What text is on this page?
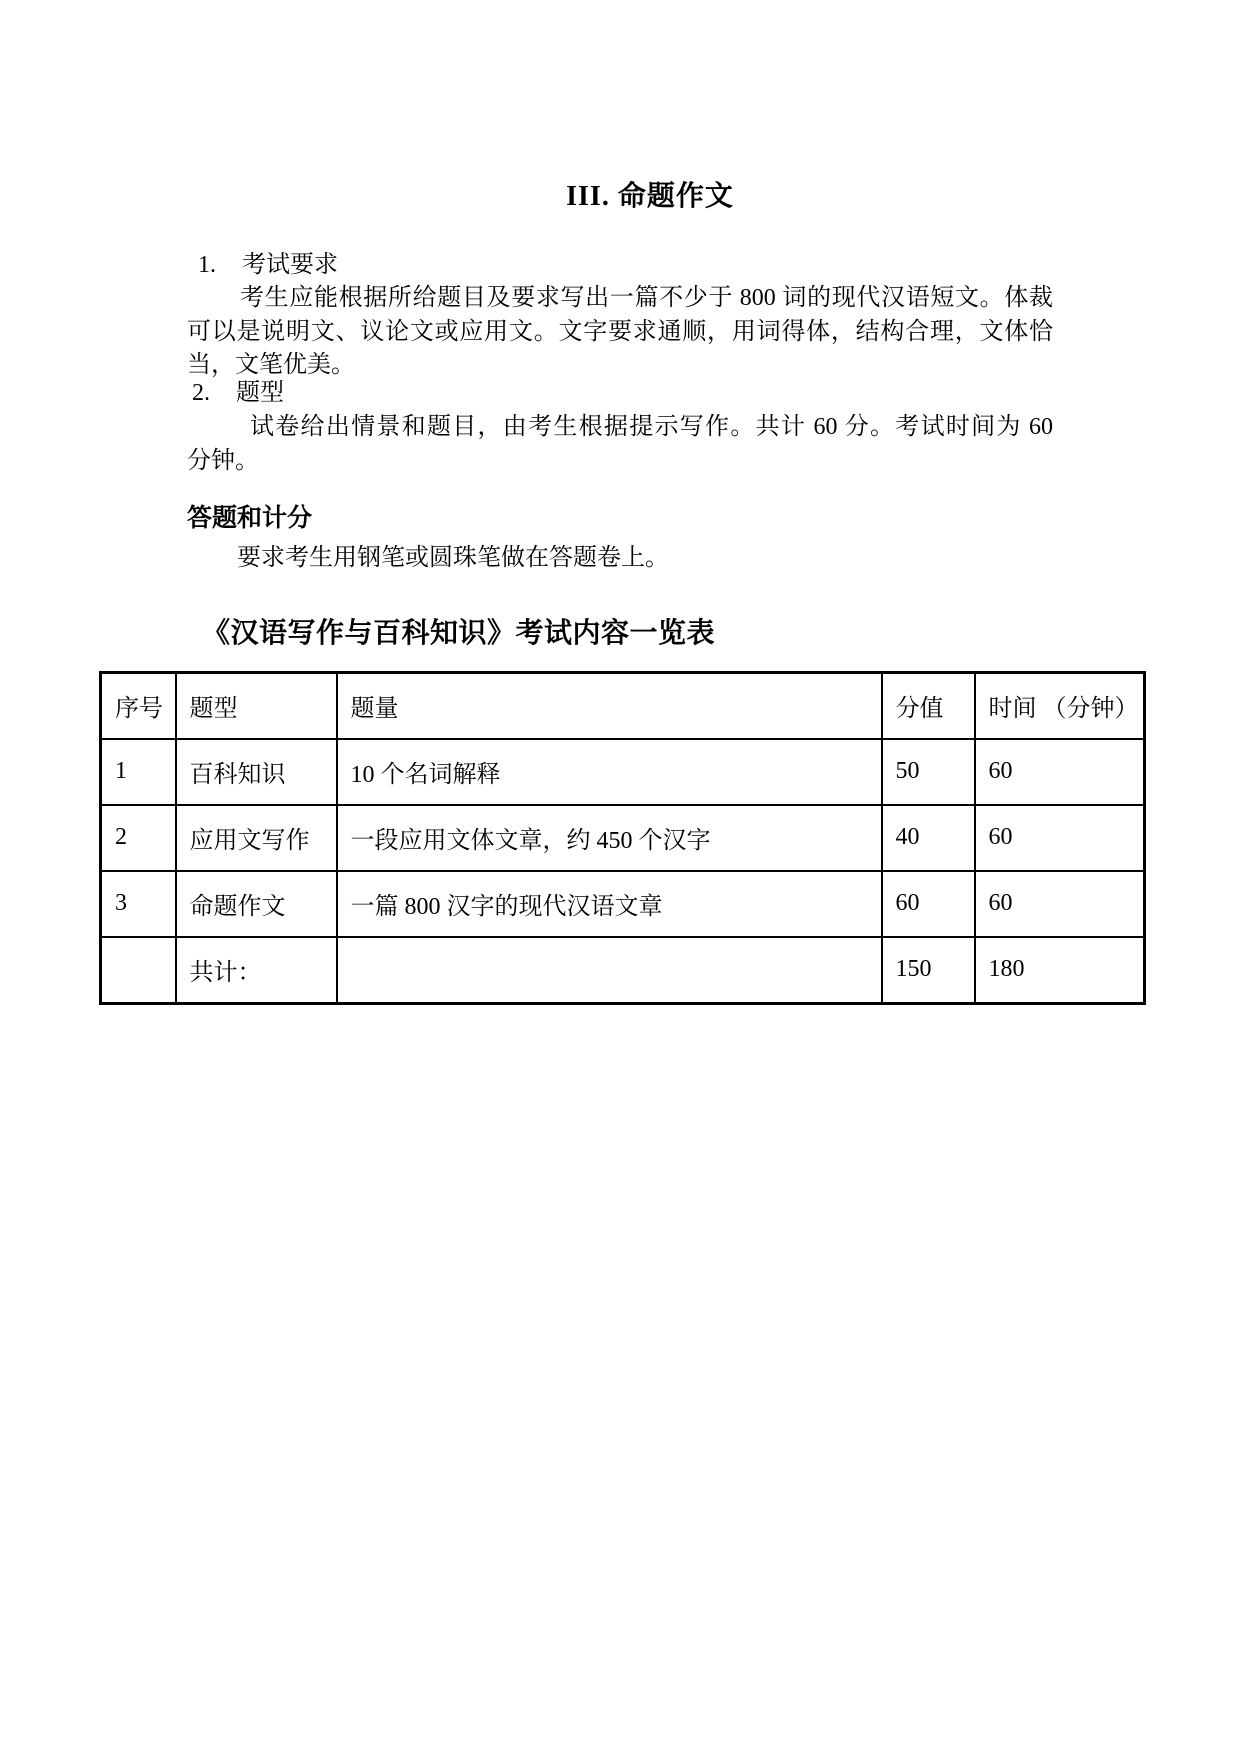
III. 命题作文
1. 考试要求
考生应能根据所给题目及要求写出一篇不少于 800 词的现代汉语短文。体裁
可以是说明文、议论文或应用文。文字要求通顺，用词得体，结构合理，文体恰
当，文笔优美。
2. 题型
试卷给出情景和题目，由考生根据提示写作。共计 60 分。考试时间为 60
分钟。
答题和计分
要求考生用钢笔或圆珠笔做在答题卷上。
《汉语写作与百科知识》考试内容一览表
序号	题型	题量	分值	时间 （分钟）
1	百科知识	10 个名词解释	50	60
2	应用文写作	一段应用文体文章，约 450 个汉字	40	60
3	命题作文	一篇 800 汉字的现代汉语文章	60	60
	共计：		150	180
